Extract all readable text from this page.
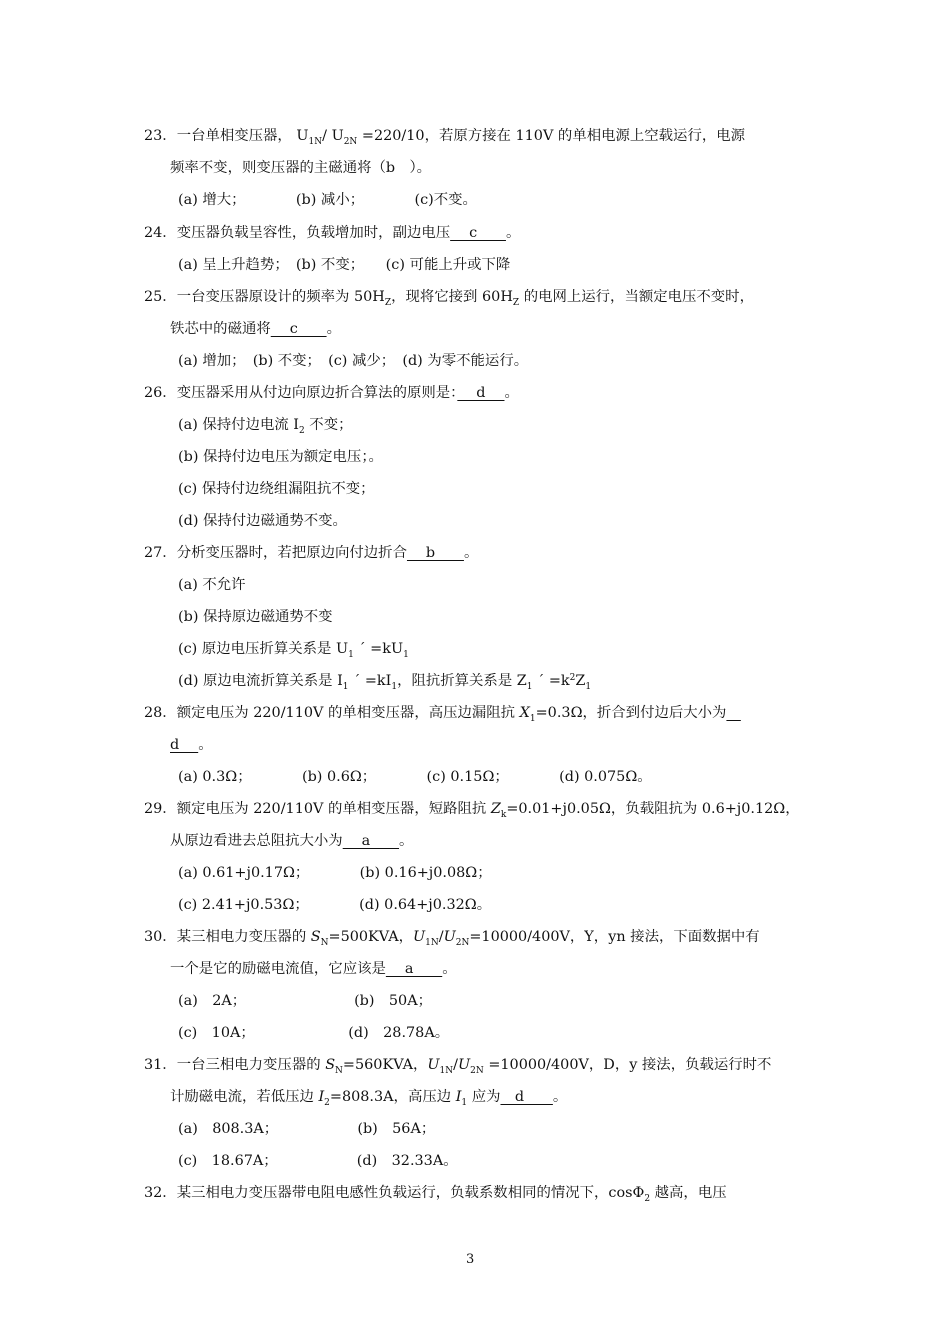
23．一台单相变压器， $U_{1N}/$ $U_{2N} =220/10$，若原方接在 110V 的单相电源上空载运行，电源
频率不变，则变压器的主磁通将（b　）。
(a) 增大；　　　　(b) 减小；　　　　(c)不变。
24．变压器负载呈容性，负载增加时，副边电压　 c　　。
(a) 呈上升趋势；　(b) 不变；　　(c) 可能上升或下降
25．一台变压器原设计的频率为 $50H_Z$，现将它接到 $60H_Z$ 的电网上运行，当额定电压不变时，
铁芯中的磁通将　 c　　。
(a) 增加；　(b) 不变；　(c) 减少；　(d) 为零不能运行。
26．变压器采用从付边向原边折合算法的原则是：　 d　 。
(a) 保持付边电流 $I_2$ 不变；
(b) 保持付边电压为额定电压；。
(c) 保持付边绕组漏阻抗不变；
(d) 保持付边磁通势不变。
27．分析变压器时，若把原边向付边折合　 b　　。
(a) 不允许
(b) 保持原边磁通势不变
(c) 原边电压折算关系是 $U_1$ ´ $=kU_1$
(d) 原边电流折算关系是 $I_1$ ´ $=kI_1$，阻抗折算关系是 $Z_1$ ´ $=k^2Z_1$
28．额定电压为 220/110V 的单相变压器，高压边漏阻抗 $X_1=0.3\Omega$，折合到付边后大小为　
d　 。
(a) 0.3Ω；　　　　(b) 0.6Ω；　　　　(c) 0.15Ω；　　　　(d) 0.075Ω。
29．额定电压为 220/110V 的单相变压器，短路阻抗 $Z_k=0.01+j0.05\Omega$，负载阻抗为 0.6+j0.12Ω，
从原边看进去总阻抗大小为　 a　　。
(a) 0.61+j0.17Ω；　　　　(b) 0.16+j0.08Ω；
(c) 2.41+j0.53Ω；　　　　(d) 0.64+j0.32Ω。
30．某三相电力变压器的 $S_N=500KVA$，$U_{1N}/U_{2N}=10000/400V$，Y，yn 接法，下面数据中有
一个是它的励磁电流值，它应该是　 a　　。
(a)　2A；　　　　　　　　(b)　50A；
(c)　10A；　　　　　　　(d)　28.78A。
31．一台三相电力变压器的 $S_N=560KVA$，$U_{1N}/U_{2N} =10000/400V$，D，y 接法，负载运行时不
计励磁电流，若低压边 $I_2=808.3A$，高压边 $I_1$ 应为　d　　。
(a)　808.3A；　　　　　　(b)　56A；
(c)　18.67A；　　　　　　(d)　32.33A。
32．某三相电力变压器带电阻电感性负载运行，负载系数相同的情况下，cosΦ$_2$ 越高，电压
3
